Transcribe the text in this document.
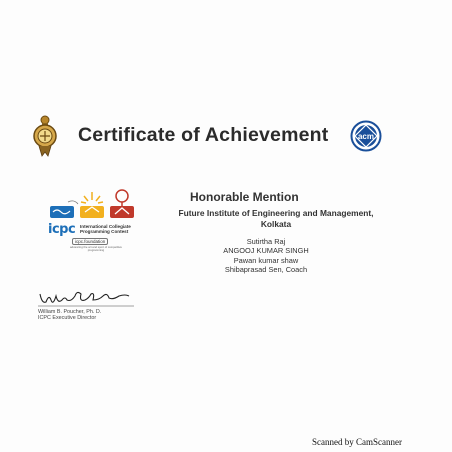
Certificate of Achievement	acm
icpc International Collegiate
Programming Contest
icpc.foundation
advancing the art and sport of competitive programming
Honorable Mention
Future Institute of Engineering and Management,
Kolkata
Sutirtha Raj
ANGOOJ KUMAR SINGH
Pawan kumar shaw
Shibaprasad Sen, Coach
William B. Poucher, Ph. D.
ICPC Executive Director
Scanned by CamScanner
